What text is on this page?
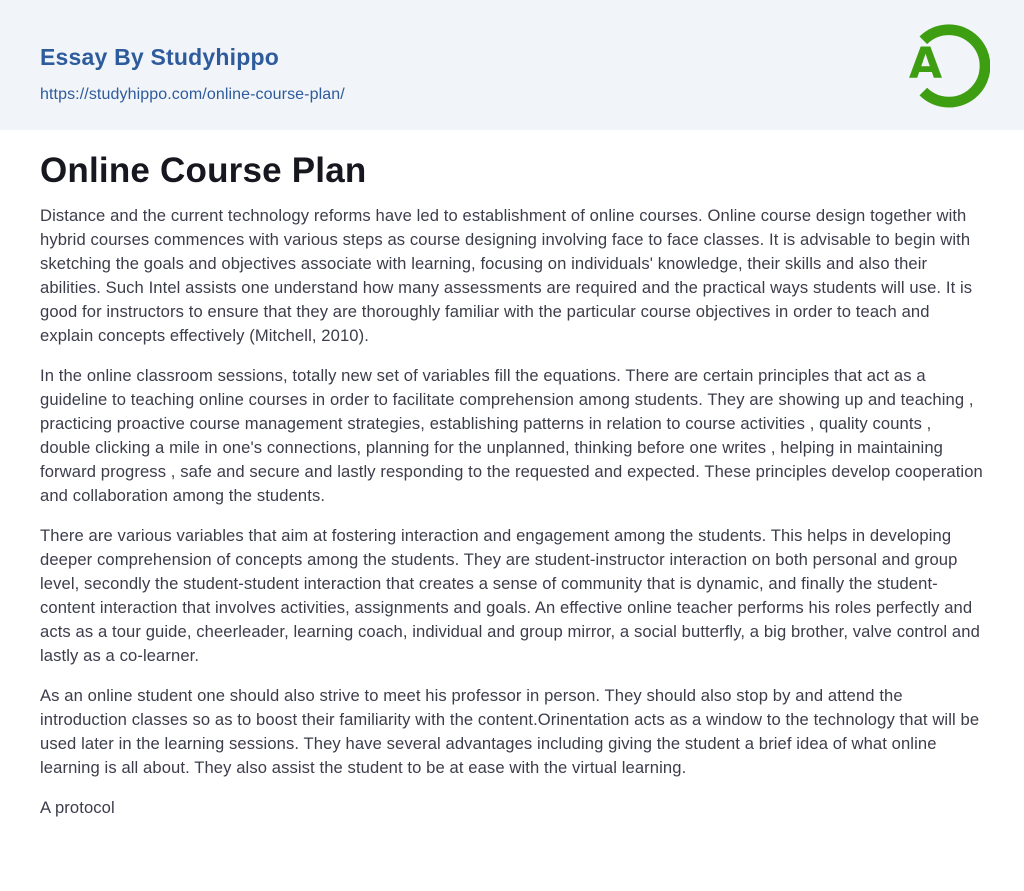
Essay By Studyhippo
https://studyhippo.com/online-course-plan/
A
Online Course Plan

Distance and the current technology reforms have led to establishment of online courses. Online course design together with hybrid courses commences with various steps as course designing involving face to face classes. It is advisable to begin with sketching the goals and objectives associate with learning, focusing on individuals' knowledge, their skills and also their abilities. Such Intel assists one understand how many assessments are required and the practical ways students will use. It is good for instructors to ensure that they are thoroughly familiar with the particular course objectives in order to teach and explain concepts effectively (Mitchell, 2010).

In the online classroom sessions, totally new set of variables fill the equations. There are certain principles that act as a guideline to teaching online courses in order to facilitate comprehension among students. They are showing up and teaching , practicing proactive course management strategies, establishing patterns in relation to course activities , quality counts , double clicking a mile in one's connections, planning for the unplanned, thinking before one writes , helping in maintaining forward progress , safe and secure and lastly responding to the requested and expected. These principles develop cooperation and collaboration among the students.

There are various variables that aim at fostering interaction and engagement among the students. This helps in developing deeper comprehension of concepts among the students. They are student-instructor interaction on both personal and group level, secondly the student-student interaction that creates a sense of community that is dynamic, and finally the student-content interaction that involves activities, assignments and goals. An effective online teacher performs his roles perfectly and acts as a tour guide, cheerleader, learning coach, individual and group mirror, a social butterfly, a big brother, valve control and lastly as a co-learner.

As an online student one should also strive to meet his professor in person. They should also stop by and attend the introduction classes so as to boost their familiarity with the content.Orinentation acts as a window to the technology that will be used later in the learning sessions. They have several advantages including giving the student a brief idea of what online learning is all about. They also assist the student to be at ease with the virtual learning.

A protocol
